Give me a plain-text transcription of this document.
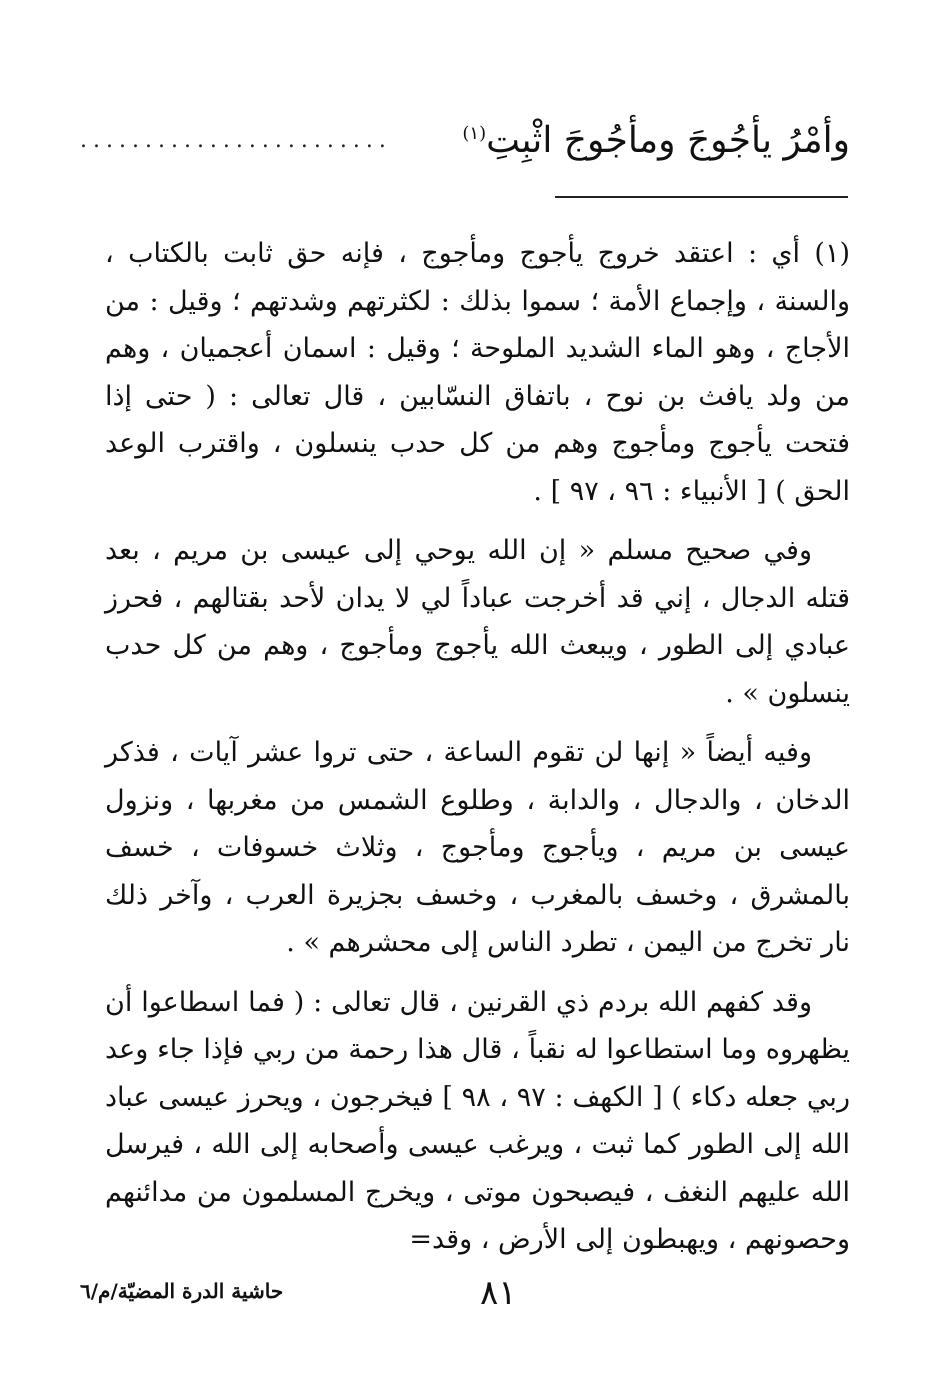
........................	وأمْرُ يأجُوجَ ومأجُوجَ اثْبِتِ$^{(١)}$

(١) أي : اعتقد خروج يأجوج ومأجوج ، فإنه حق ثابت بالكتاب ، والسنة ، وإجماع الأمة ؛ سموا بذلك : لكثرتهم وشدتهم ؛ وقيل : من الأجاج ، وهو الماء الشديد الملوحة ؛ وقيل : اسمان أعجميان ، وهم من ولد يافث بن نوح ، باتفاق النسّابين ، قال تعالى : ( حتى إذا فتحت يأجوج ومأجوج وهم من كل حدب ينسلون ، واقترب الوعد الحق ) [ الأنبياء : ٩٦ ، ٩٧ ] .

وفي صحيح مسلم « إن الله يوحي إلى عيسى بن مريم ، بعد قتله الدجال ، إني قد أخرجت عباداً لي لا يدان لأحد بقتالهم ، فحرز عبادي إلى الطور ، ويبعث الله يأجوج ومأجوج ، وهم من كل حدب ينسلون » .

وفيه أيضاً « إنها لن تقوم الساعة ، حتى تروا عشر آيات ، فذكر الدخان ، والدجال ، والدابة ، وطلوع الشمس من مغربها ، ونزول عيسى بن مريم ، ويأجوج ومأجوج ، وثلاث خسوفات ، خسف بالمشرق ، وخسف بالمغرب ، وخسف بجزيرة العرب ، وآخر ذلك نار تخرج من اليمن ، تطرد الناس إلى محشرهم » .

وقد كفهم الله بردم ذي القرنين ، قال تعالى : ( فما اسطاعوا أن يظهروه وما استطاعوا له نقباً ، قال هذا رحمة من ربي فإذا جاء وعد ربي جعله دكاء ) [ الكهف : ٩٧ ، ٩٨ ] فيخرجون ، ويحرز عيسى عباد الله إلى الطور كما ثبت ، ويرغب عيسى وأصحابه إلى الله ، فيرسل الله عليهم النغف ، فيصبحون موتى ، ويخرج المسلمون من مدائنهم وحصونهم ، ويهبطون إلى الأرض ، وقد=

حاشية الدرة المضيّة/م/٦	٨١
